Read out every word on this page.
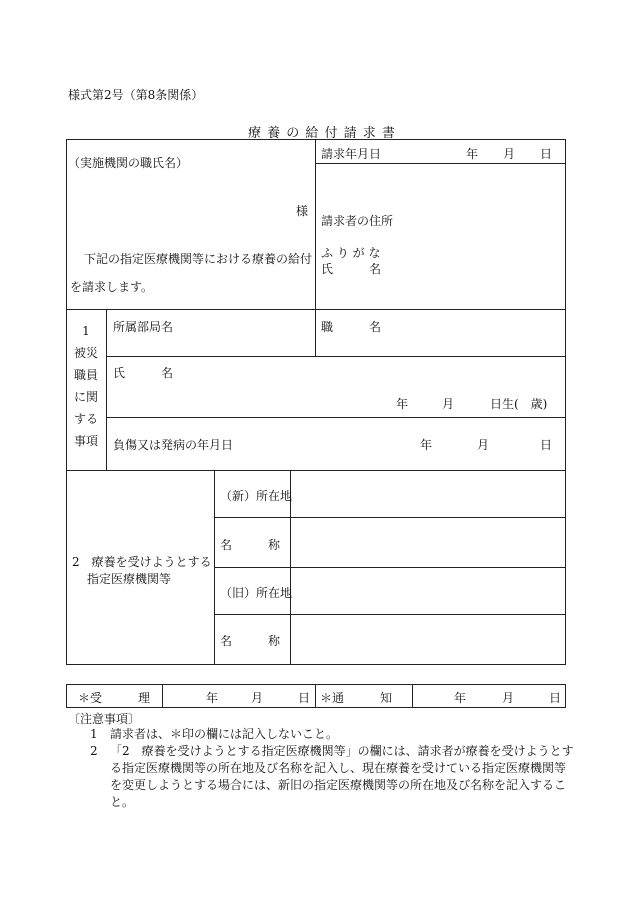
様式第2号（第8条関係）
療 養 の 給 付 請 求 書
（実施機関の職氏名）
様
下記の指定医療機関等における療養の給付
を請求します。
請求年月日	年 月 日
請求者の住所
ふ り が な
氏　　　名
1
被災
職員
に関
する
事項
所属部局名	職　　　名
氏　　　名
年	月	日生(　歳)
負傷又は発病の年月日	年	月	日
2　療養を受けようとする
指定医療機関等
（新）所在地
名　　　称
（旧）所在地
名　　　称
＊受　　　理	年	月	日 ＊通　　　知	年	月	日
〔注意事項〕
1 請求者は、＊印の欄には記入しないこと。
2 「2　療養を受けようとする指定医療機関等」の欄には、請求者が療養を受けようとする指定医療機関等の所在地及び名称を記入し、現在療養を受けている指定医療機関等を変更しようとする場合には、新旧の指定医療機関等の所在地及び名称を記入すること。
